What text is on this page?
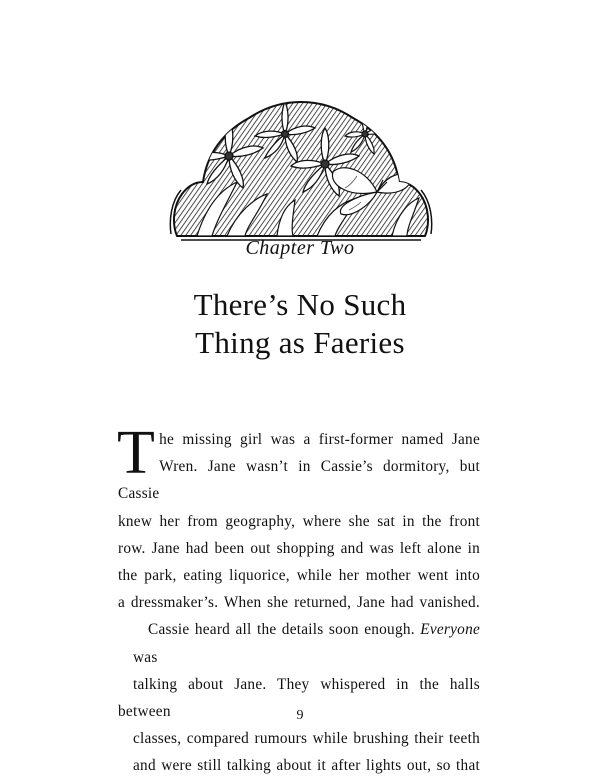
Chapter Two
There’s No Such
Thing as Faeries

T he missing girl was a first-former named Jane
Wren. Jane wasn’t in Cassie’s dormitory, but Cassie
knew her from geography, where she sat in the front
row. Jane had been out shopping and was left alone in
the park, eating liquorice, while her mother went into
a dressmaker’s. When she returned, Jane had vanished.

Cassie heard all the details soon enough. Everyone was
talking about Jane. They whispered in the halls between
classes, compared rumours while brushing their teeth
and were still talking about it after lights out, so that

9
